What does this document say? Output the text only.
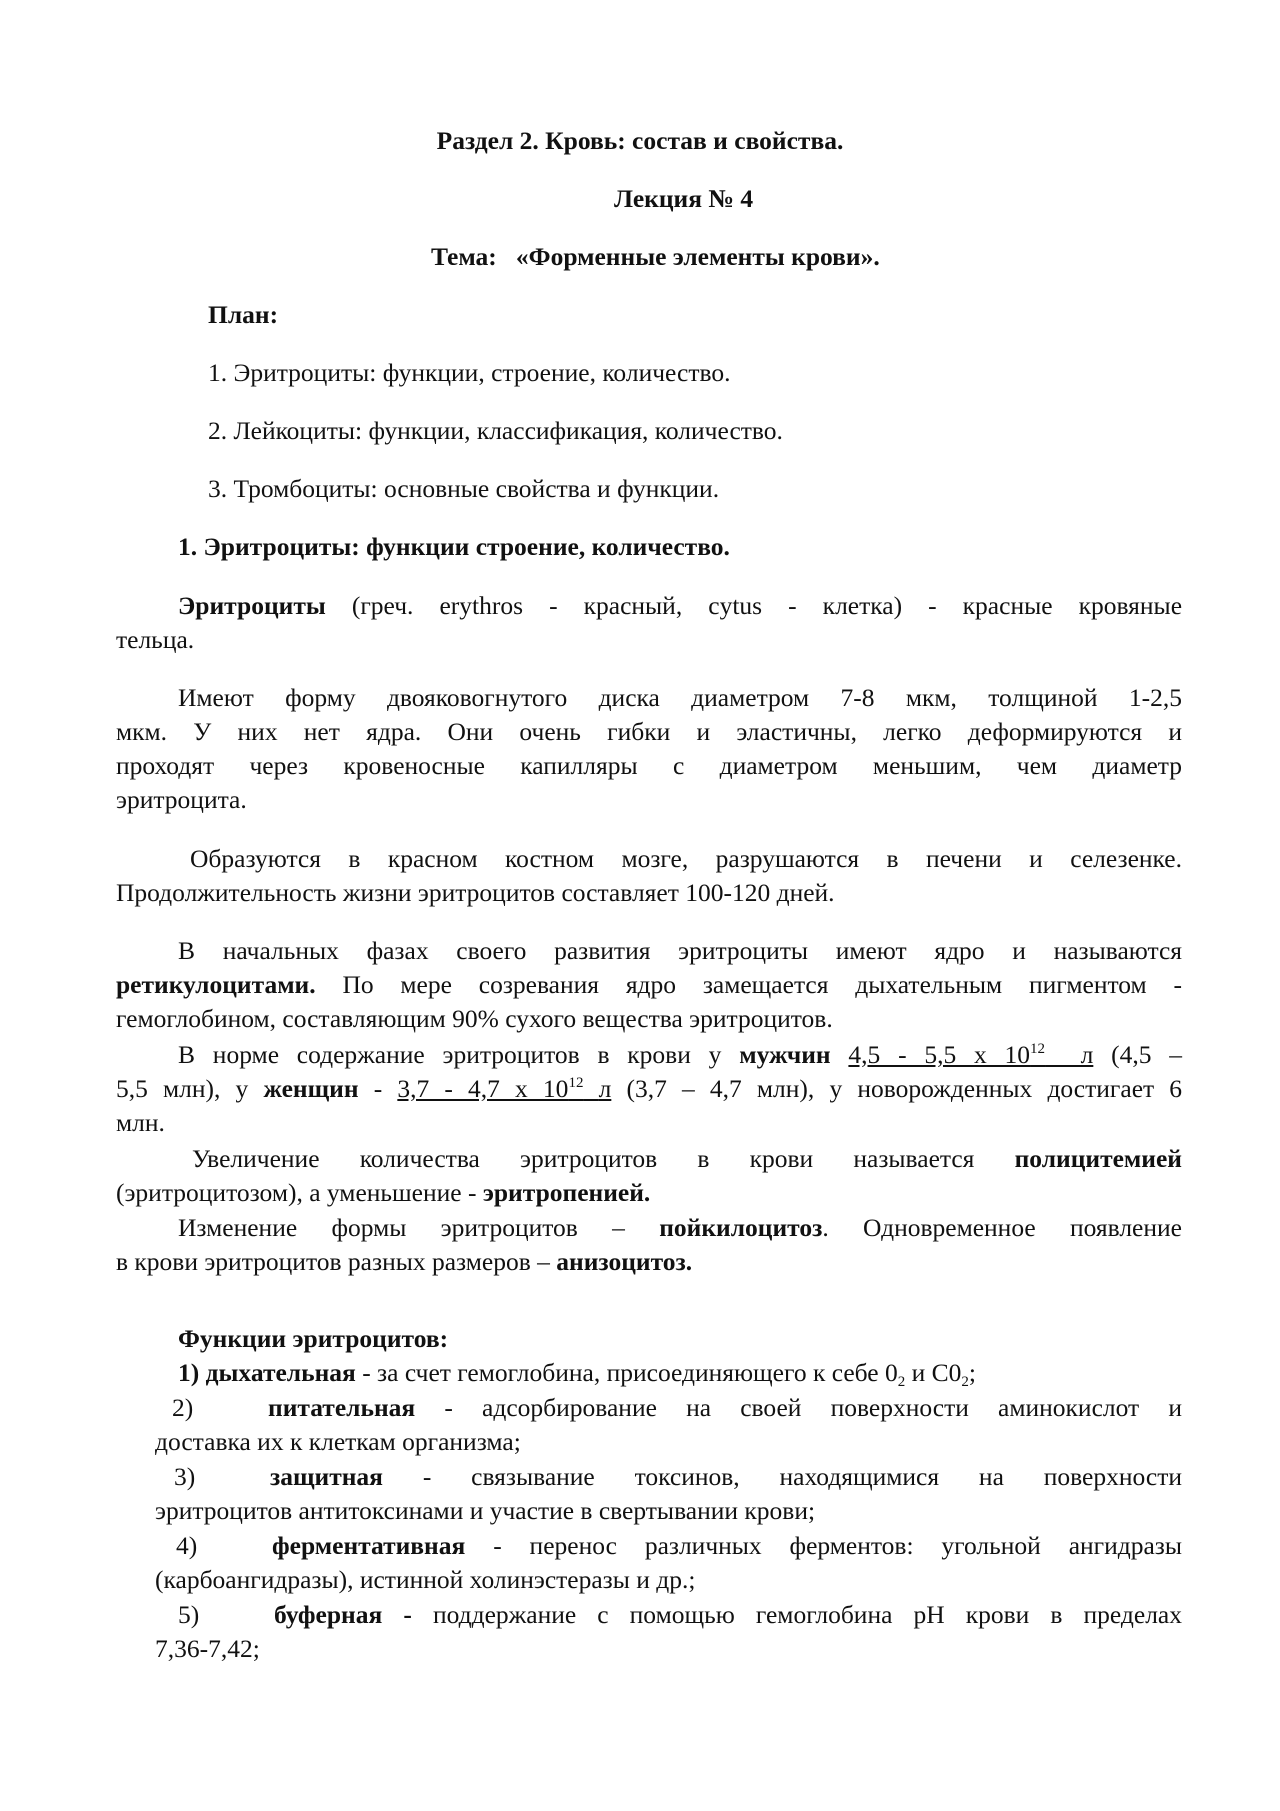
Раздел 2. Кровь: состав и свойства.
Лекция № 4
Тема: «Форменные элементы крови».
План:
1. Эритроциты: функции, строение, количество.
2. Лейкоциты: функции, классификация, количество.
3. Тромбоциты: основные свойства и функции.
1. Эритроциты: функции строение, количество.
Эритроциты (греч. erythros - красный, cytus - клетка) - красные кровяные
тельца.
Имеют форму двояковогнутого диска диаметром 7-8 мкм, толщиной 1-2,5
мкм. У них нет ядра. Они очень гибки и эластичны, легко деформируются и
проходят через кровеносные капилляры с диаметром меньшим, чем диаметр
эритроцита.
Образуются в красном костном мозге, разрушаются в печени и селезенке.
Продолжительность жизни эритроцитов составляет 100-120 дней.
В начальных фазах своего развития эритроциты имеют ядро и называются
ретикулоцитами. По мере созревания ядро замещается дыхательным пигментом -
гемоглобином, составляющим 90% сухого вещества эритроцитов.
В норме содержание эритроцитов в крови у мужчин 4,5 - 5,5 х $10^{12}$  л (4,5 –
5,5 млн), у женщин - 3,7 - 4,7 х $10^{12}$ л (3,7 – 4,7 млн), у новорожденных достигает 6
млн.
Увеличение количества эритроцитов в крови называется полицитемией
(эритроцитозом), а уменьшение - эритропенией.
Изменение формы эритроцитов – пойкилоцитоз. Одновременное появление
в крови эритроцитов разных размеров – анизоцитоз.
Функции эритроцитов:
1) дыхательная - за счет гемоглобина, присоединяющего к себе $0_2$ и $С0_2$;
2)	питательная - адсорбирование на своей поверхности аминокислот и
доставка их к клеткам организма;
3)	защитная - связывание токсинов, находящимися на поверхности
эритроцитов антитоксинами и участие в свертывании крови;
4)	ферментативная - перенос различных ферментов: угольной ангидразы
(карбоангидразы), истинной холинэстеразы и др.;
5)	буферная - поддержание с помощью гемоглобина рН крови в пределах
7,36-7,42;
